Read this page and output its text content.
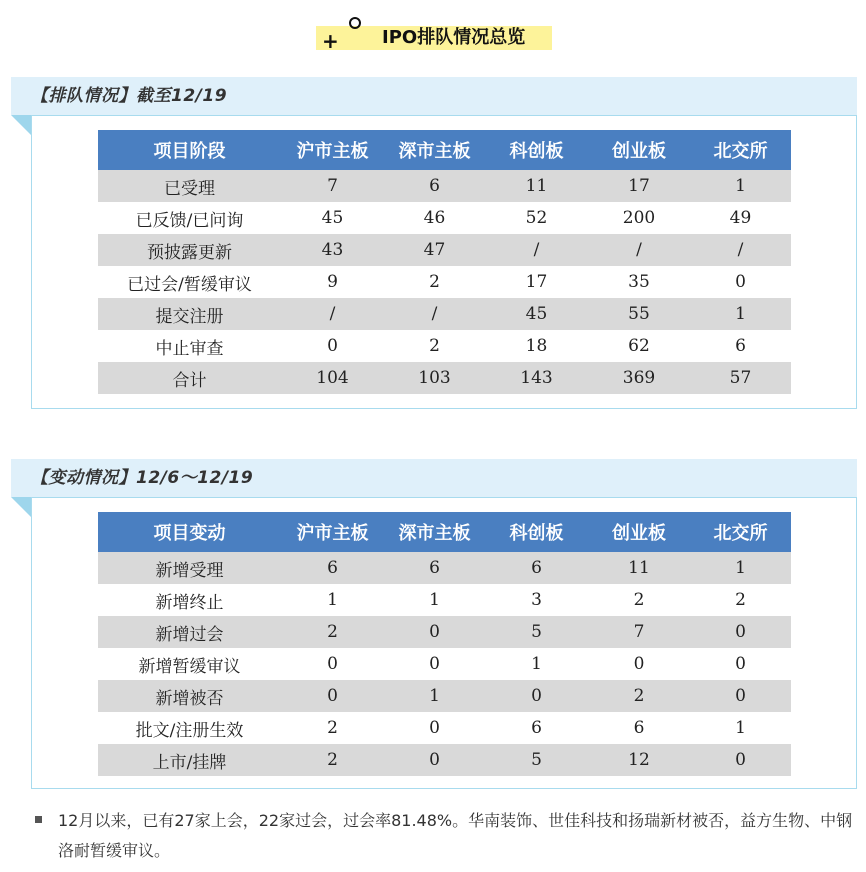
+ IPO排队情况总览
【排队情况】截至12/19
项目阶段	沪市主板	深市主板	科创板	创业板	北交所
已受理	7	6	11	17	1
已反馈/已问询	45	46	52	200	49
预披露更新	43	47	/	/	/
已过会/暂缓审议	9	2	17	35	0
提交注册	/	/	45	55	1
中止审查	0	2	18	62	6
合计	104	103	143	369	57
【变动情况】12/6～12/19
项目变动	沪市主板	深市主板	科创板	创业板	北交所
新增受理	6	6	6	11	1
新增终止	1	1	3	2	2
新增过会	2	0	5	7	0
新增暂缓审议	0	0	1	0	0
新增被否	0	1	0	2	0
批文/注册生效	2	0	6	6	1
上市/挂牌	2	0	5	12	0
12月以来，已有27家上会，22家过会，过会率81.48%。华南装饰、世佳科技和扬瑞新材被否，益方生物、中钢洛耐暂缓审议。
